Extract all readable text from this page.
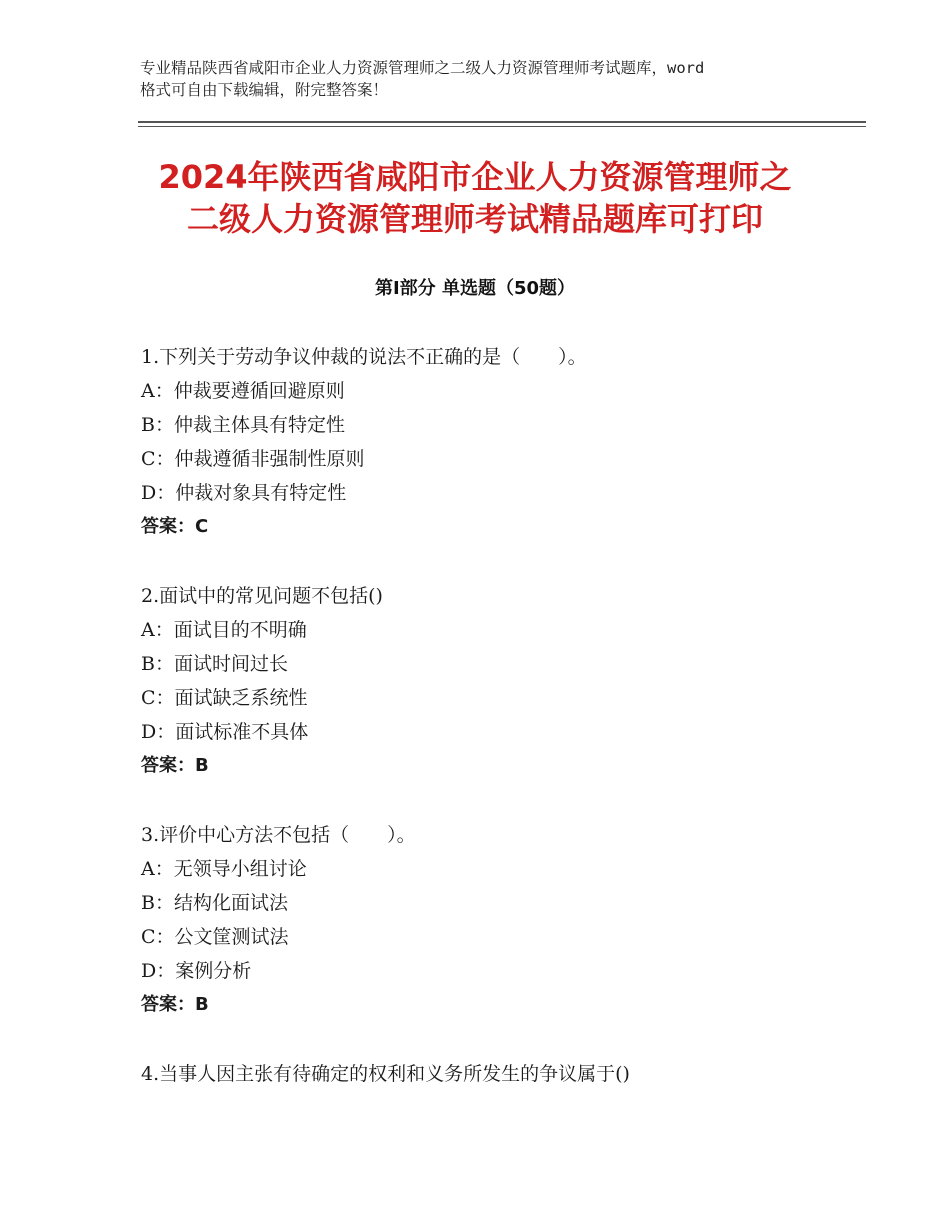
专业精品陕西省咸阳市企业人力资源管理师之二级人力资源管理师考试题库，word
格式可自由下载编辑，附完整答案！
2024年陕西省咸阳市企业人力资源管理师之
二级人力资源管理师考试精品题库可打印
第Ⅰ部分 单选题（50题）
1.下列关于劳动争议仲裁的说法不正确的是（　　）。
A：仲裁要遵循回避原则
B：仲裁主体具有特定性
C：仲裁遵循非强制性原则
D：仲裁对象具有特定性
答案：C
2.面试中的常见问题不包括()
A：面试目的不明确
B：面试时间过长
C：面试缺乏系统性
D：面试标准不具体
答案：B
3.评价中心方法不包括（　　）。
A：无领导小组讨论
B：结构化面试法
C：公文筐测试法
D：案例分析
答案：B
4.当事人因主张有待确定的权利和义务所发生的争议属于()
